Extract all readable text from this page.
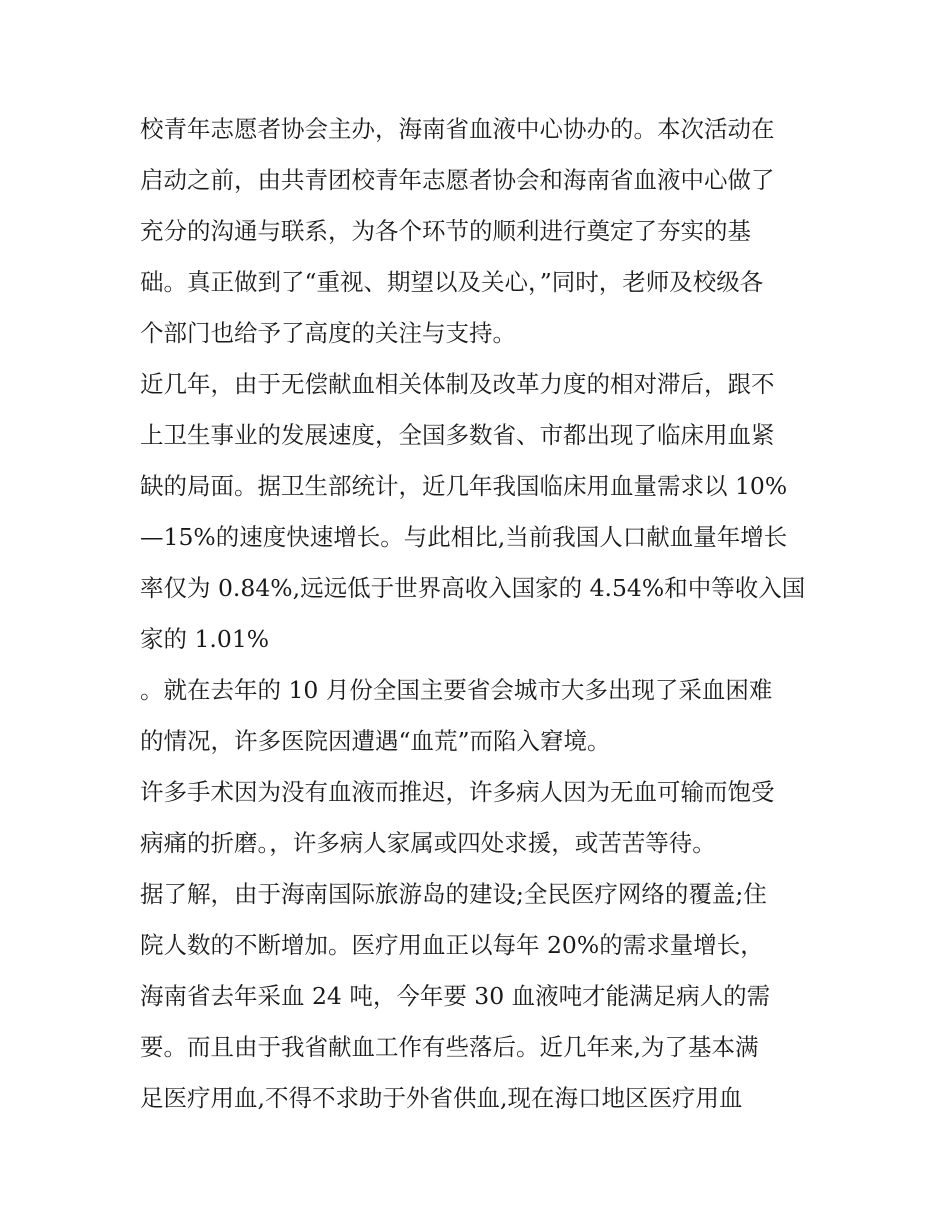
校青年志愿者协会主办，海南省血液中心协办的。本次活动在
启动之前，由共青团校青年志愿者协会和海南省血液中心做了
充分的沟通与联系，为各个环节的顺利进行奠定了夯实的基
础。真正做到了“重视、期望以及关心，”同时，老师及校级各
个部门也给予了高度的关注与支持。
近几年，由于无偿献血相关体制及改革力度的相对滞后，跟不
上卫生事业的发展速度，全国多数省、市都出现了临床用血紧
缺的局面。据卫生部统计，近几年我国临床用血量需求以 10%
—15%的速度快速增长。与此相比,当前我国人口献血量年增长
率仅为 0.84%,远远低于世界高收入国家的 4.54%和中等收入国
家的 1.01%
。就在去年的 10 月份全国主要省会城市大多出现了采血困难
的情况，许多医院因遭遇“血荒”而陷入窘境。
许多手术因为没有血液而推迟，许多病人因为无血可输而饱受
病痛的折磨。，许多病人家属或四处求援，或苦苦等待。
据了解，由于海南国际旅游岛的建设;全民医疗网络的覆盖;住
院人数的不断增加。医疗用血正以每年 20%的需求量增长，
海南省去年采血 24 吨，今年要 30 血液吨才能满足病人的需
要。而且由于我省献血工作有些落后。近几年来,为了基本满
足医疗用血,不得不求助于外省供血,现在海口地区医疗用血
